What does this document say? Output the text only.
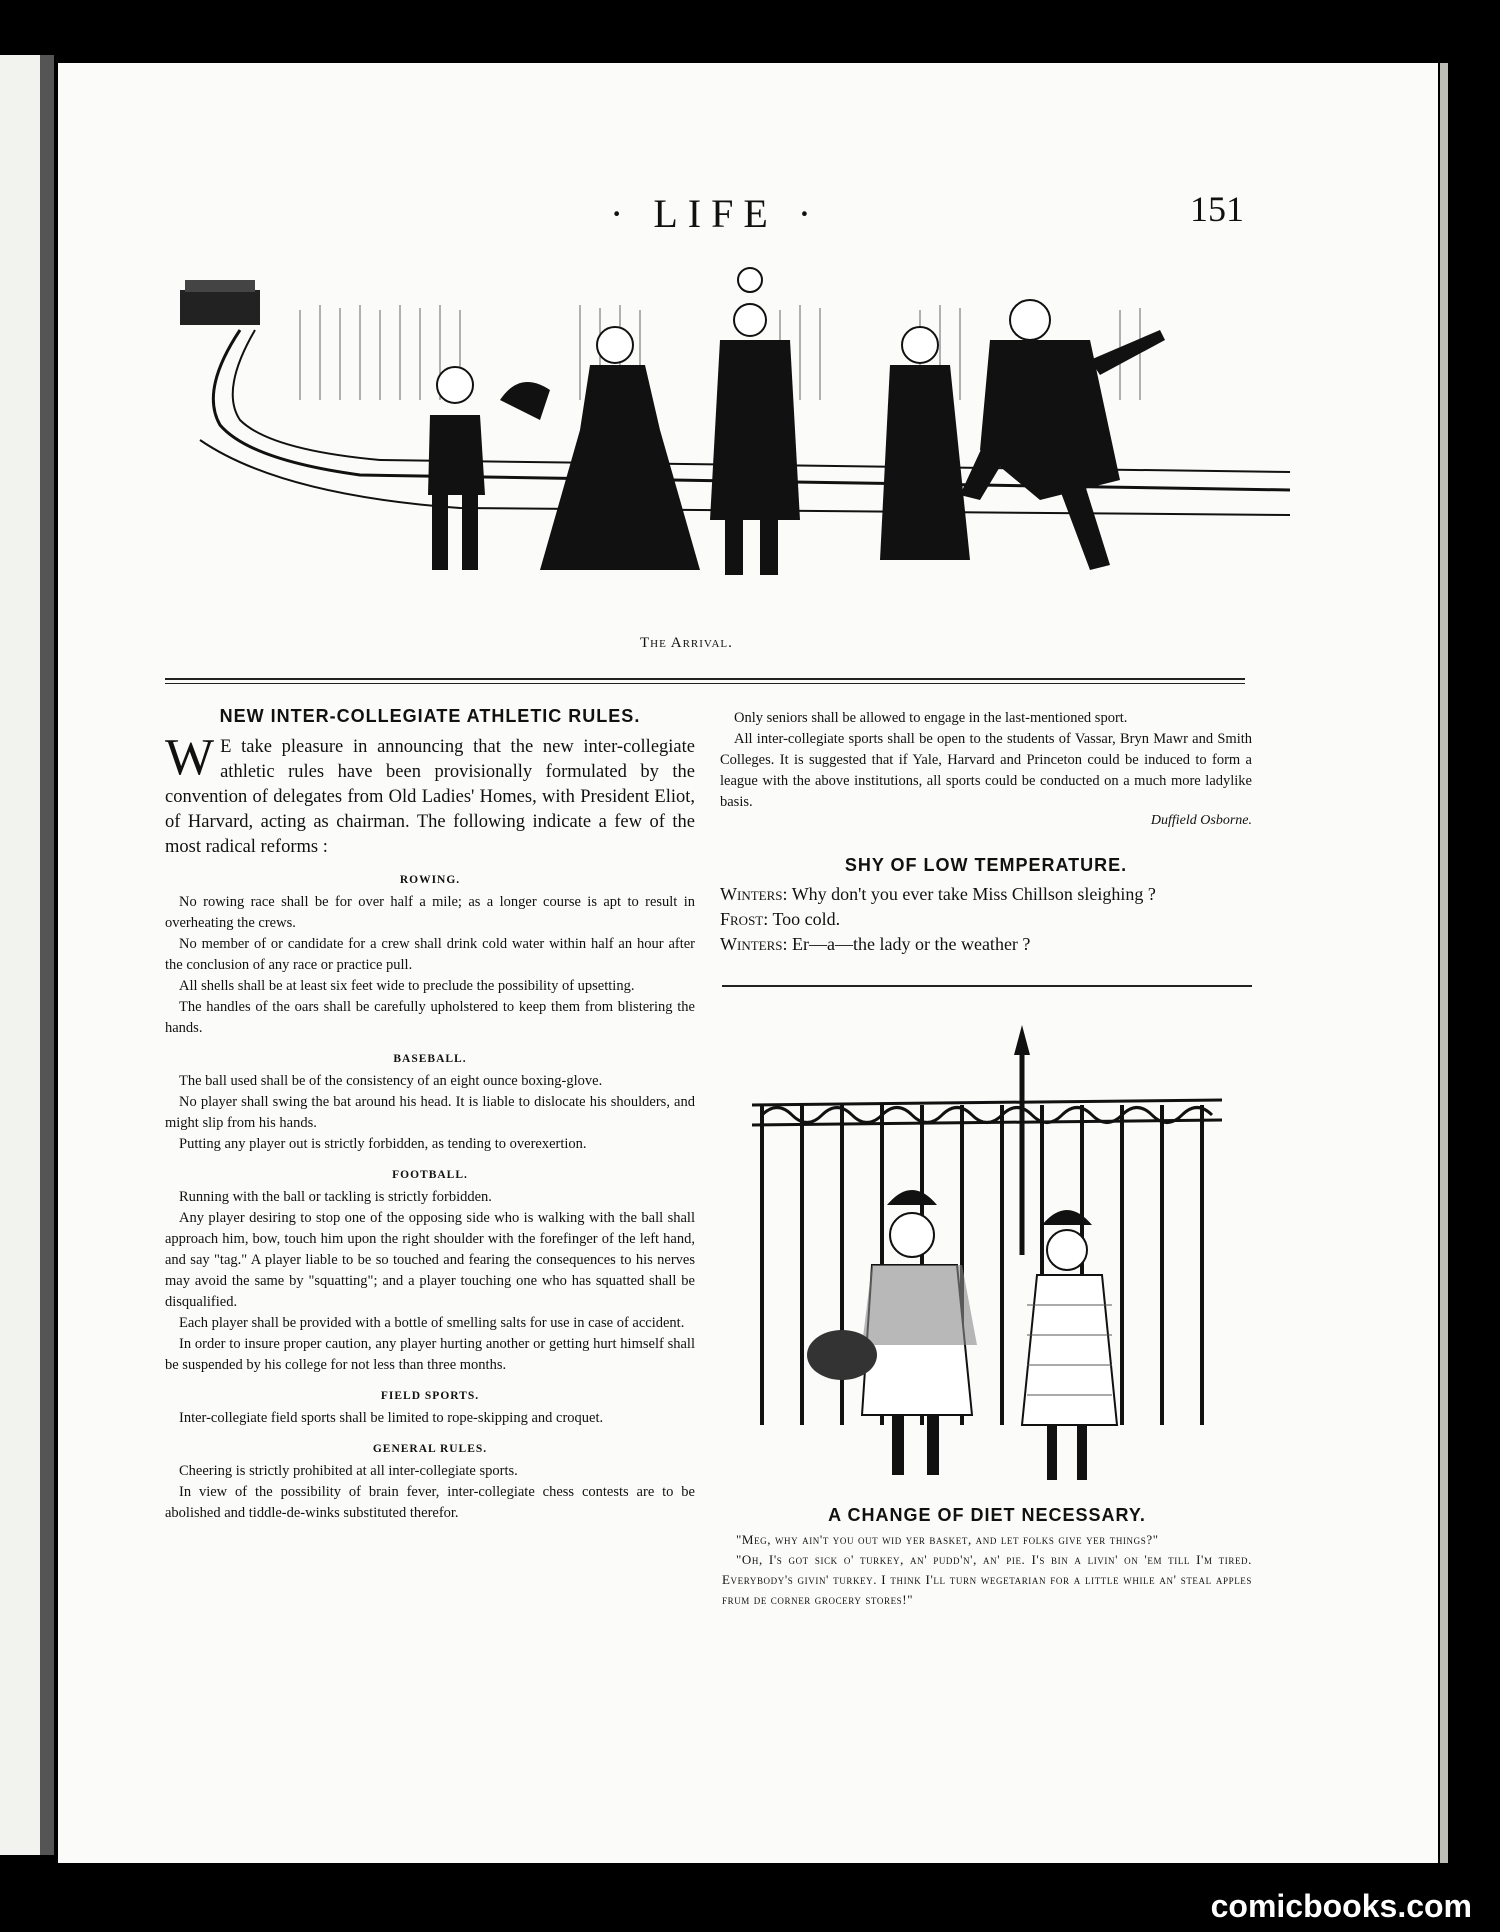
· LIFE ·	151
The Arrival.
NEW INTER-COLLEGIATE ATHLETIC RULES.
W E take pleasure in announcing that the new inter-collegiate athletic rules have been provisionally formulated by the convention of delegates from Old Ladies' Homes, with President Eliot, of Harvard, acting as chairman. The following indicate a few of the most radical reforms :
ROWING.

No rowing race shall be for over half a mile; as a longer course is apt to result in overheating the crews.

No member of or candidate for a crew shall drink cold water within half an hour after the conclusion of any race or practice pull.

All shells shall be at least six feet wide to preclude the possibility of upsetting.

The handles of the oars shall be carefully upholstered to keep them from blistering the hands.

BASEBALL.

The ball used shall be of the consistency of an eight ounce boxing-glove.

No player shall swing the bat around his head. It is liable to dislocate his shoulders, and might slip from his hands.

Putting any player out is strictly forbidden, as tending to overexertion.

FOOTBALL.

Running with the ball or tackling is strictly forbidden.

Any player desiring to stop one of the opposing side who is walking with the ball shall approach him, bow, touch him upon the right shoulder with the forefinger of the left hand, and say "tag." A player liable to be so touched and fearing the consequences to his nerves may avoid the same by "squatting"; and a player touching one who has squatted shall be disqualified.

Each player shall be provided with a bottle of smelling salts for use in case of accident.

In order to insure proper caution, any player hurting another or getting hurt himself shall be suspended by his college for not less than three months.

FIELD SPORTS.

Inter-collegiate field sports shall be limited to rope-skipping and croquet.

GENERAL RULES.

Cheering is strictly prohibited at all inter-collegiate sports.

In view of the possibility of brain fever, inter-collegiate chess contests are to be abolished and tiddle-de-winks substituted therefor.

Only seniors shall be allowed to engage in the last-mentioned sport.

All inter-collegiate sports shall be open to the students of Vassar, Bryn Mawr and Smith Colleges. It is suggested that if Yale, Harvard and Princeton could be induced to form a league with the above institutions, all sports could be conducted on a much more ladylike basis.

Duffield Osborne.
SHY OF LOW TEMPERATURE.
Winters: Why don't you ever take Miss Chillson sleighing ?
Frost: Too cold.
Winters: Er—a—the lady or the weather ?
A CHANGE OF DIET NECESSARY.
"Meg, why ain't you out wid yer basket, and let folks give yer things?"
"Oh, I's got sick o' turkey, an' pudd'n', an' pie. I's bin a livin' on 'em till I'm tired. Everybody's givin' turkey. I think I'll turn wegetarian for a little while an' steal apples frum de corner grocery stores!"
comicbooks.com
